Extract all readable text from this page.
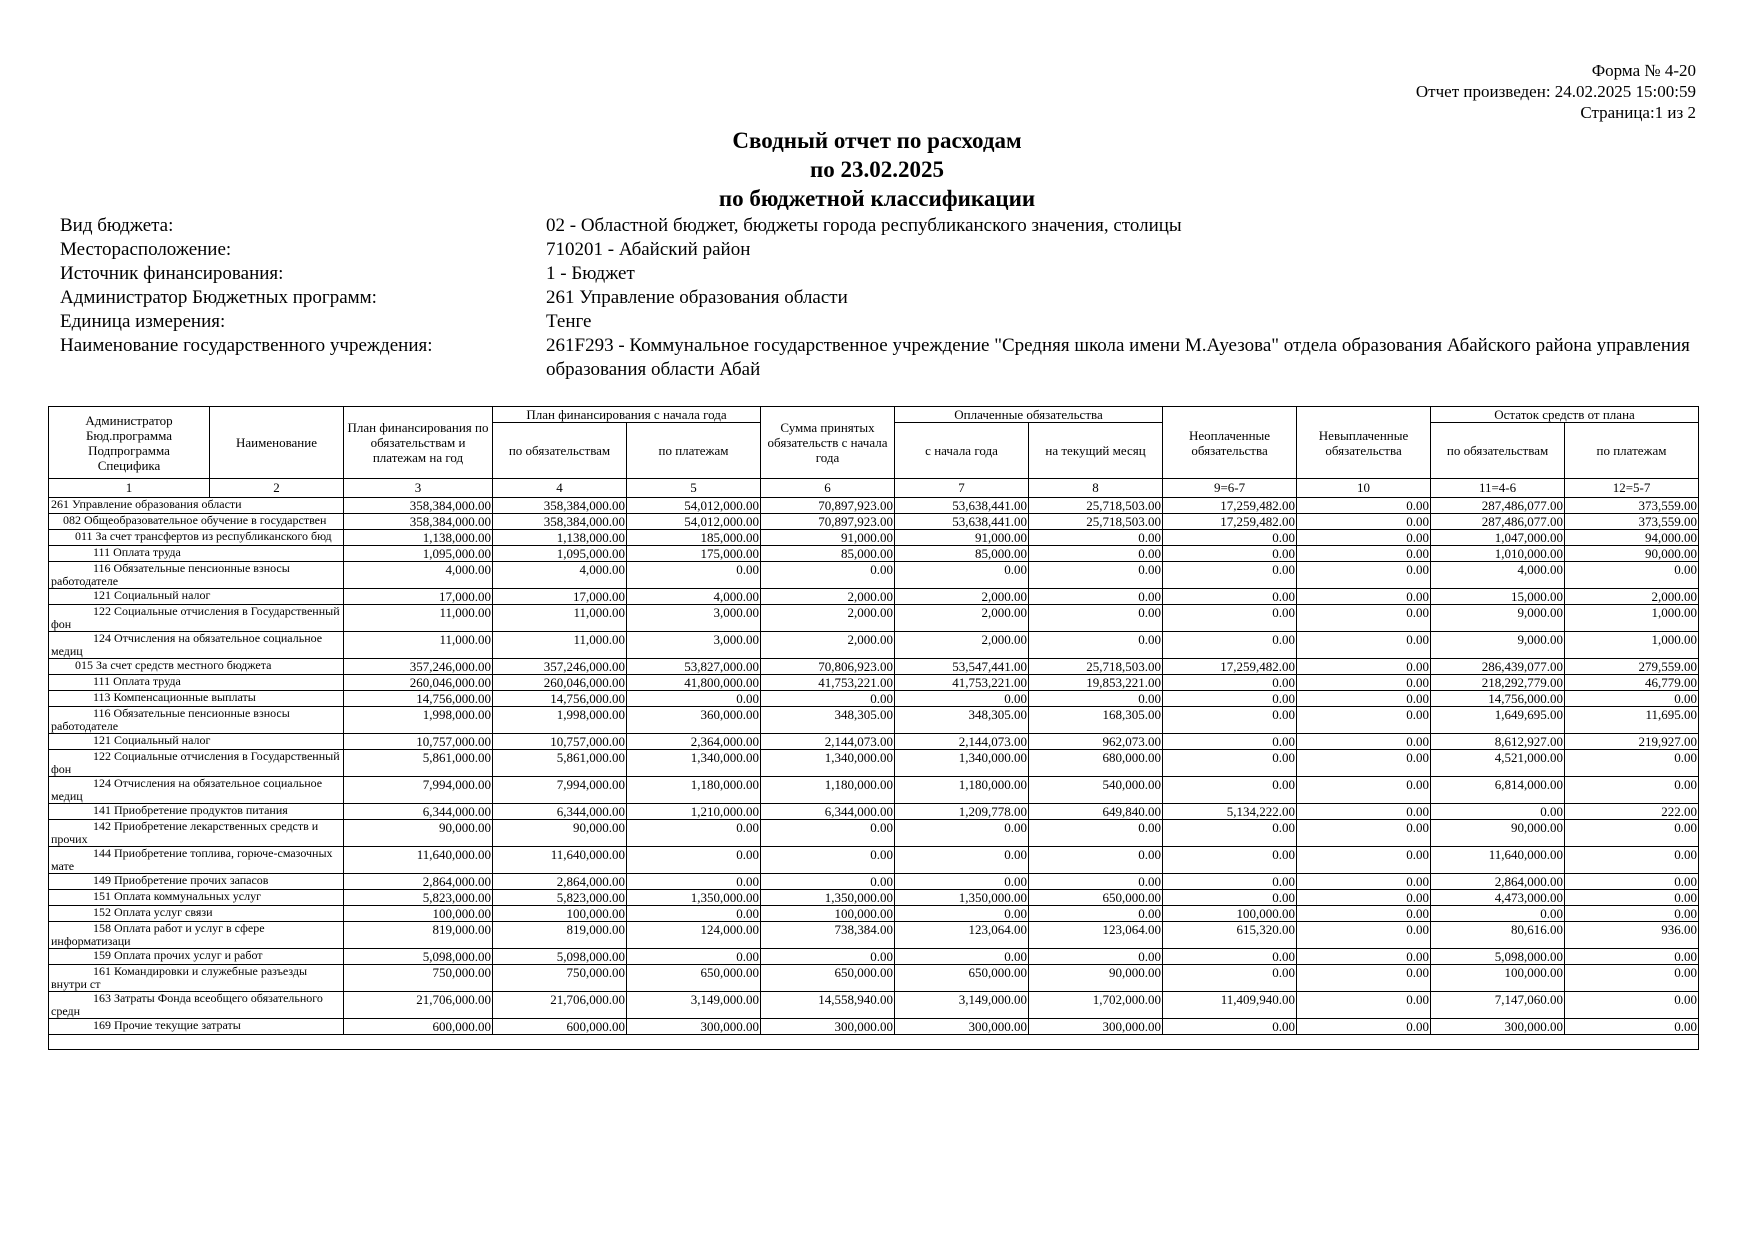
Форма № 4-20
Отчет произведен: 24.02.2025 15:00:59
Страница:1 из 2
Сводный отчет по расходам
по 23.02.2025
по бюджетной классификации
Вид бюджета:	02 - Областной бюджет, бюджеты города республиканского значения, столицы
Месторасположение:	710201 - Абайский район
Источник финансирования:	1 - Бюджет
Администратор Бюджетных программ:	261 Управление образования области
Единица измерения:	Тенге
Наименование государственного учреждения:	261F293 - Коммунальное государственное учреждение "Средняя школа имени М.Ауезова" отдела образования Абайского района управления образования области Абай
Администратор
Бюд.программа
Подпрограмма
Специфика	Наименование	План финансирования по обязательствам и платежам на год	План финансирования с начала года		Сумма принятых обязательств с начала года	Оплаченные обязательства		Неоплаченные обязательства	Невыплаченные обязательства	Остаток средств от плана	
			по обязательствам	по платежам		с начала года	на текущий месяц			по обязательствам	по платежам
1	2	3	4	5	6	7	8	9=6-7	10	11=4-6	12=5-7
261 Управление образования области		358,384,000.00	358,384,000.00	54,012,000.00	70,897,923.00	53,638,441.00	25,718,503.00	17,259,482.00	0.00	287,486,077.00	373,559.00
082 Общеобразовательное обучение в государствен		358,384,000.00	358,384,000.00	54,012,000.00	70,897,923.00	53,638,441.00	25,718,503.00	17,259,482.00	0.00	287,486,077.00	373,559.00
011 За счет трансфертов из республиканского бюд		1,138,000.00	1,138,000.00	185,000.00	91,000.00	91,000.00	0.00	0.00	0.00	1,047,000.00	94,000.00
111 Оплата труда		1,095,000.00	1,095,000.00	175,000.00	85,000.00	85,000.00	0.00	0.00	0.00	1,010,000.00	90,000.00
116 Обязательные пенсионные взносы работодателе		4,000.00	4,000.00	0.00	0.00	0.00	0.00	0.00	0.00	4,000.00	0.00
121 Социальный налог		17,000.00	17,000.00	4,000.00	2,000.00	2,000.00	0.00	0.00	0.00	15,000.00	2,000.00
122 Социальные отчисления в Государственный фон		11,000.00	11,000.00	3,000.00	2,000.00	2,000.00	0.00	0.00	0.00	9,000.00	1,000.00
124 Отчисления на обязательное социальное медиц		11,000.00	11,000.00	3,000.00	2,000.00	2,000.00	0.00	0.00	0.00	9,000.00	1,000.00
015 За счет средств местного бюджета		357,246,000.00	357,246,000.00	53,827,000.00	70,806,923.00	53,547,441.00	25,718,503.00	17,259,482.00	0.00	286,439,077.00	279,559.00
111 Оплата труда		260,046,000.00	260,046,000.00	41,800,000.00	41,753,221.00	41,753,221.00	19,853,221.00	0.00	0.00	218,292,779.00	46,779.00
113 Компенсационные выплаты		14,756,000.00	14,756,000.00	0.00	0.00	0.00	0.00	0.00	0.00	14,756,000.00	0.00
116 Обязательные пенсионные взносы работодателе		1,998,000.00	1,998,000.00	360,000.00	348,305.00	348,305.00	168,305.00	0.00	0.00	1,649,695.00	11,695.00
121 Социальный налог		10,757,000.00	10,757,000.00	2,364,000.00	2,144,073.00	2,144,073.00	962,073.00	0.00	0.00	8,612,927.00	219,927.00
122 Социальные отчисления в Государственный фон		5,861,000.00	5,861,000.00	1,340,000.00	1,340,000.00	1,340,000.00	680,000.00	0.00	0.00	4,521,000.00	0.00
124 Отчисления на обязательное социальное медиц		7,994,000.00	7,994,000.00	1,180,000.00	1,180,000.00	1,180,000.00	540,000.00	0.00	0.00	6,814,000.00	0.00
141 Приобретение продуктов питания		6,344,000.00	6,344,000.00	1,210,000.00	6,344,000.00	1,209,778.00	649,840.00	5,134,222.00	0.00	0.00	222.00
142 Приобретение лекарственных средств и прочих		90,000.00	90,000.00	0.00	0.00	0.00	0.00	0.00	0.00	90,000.00	0.00
144 Приобретение топлива, горюче-смазочных мате		11,640,000.00	11,640,000.00	0.00	0.00	0.00	0.00	0.00	0.00	11,640,000.00	0.00
149 Приобретение прочих запасов		2,864,000.00	2,864,000.00	0.00	0.00	0.00	0.00	0.00	0.00	2,864,000.00	0.00
151 Оплата коммунальных услуг		5,823,000.00	5,823,000.00	1,350,000.00	1,350,000.00	1,350,000.00	650,000.00	0.00	0.00	4,473,000.00	0.00
152 Оплата услуг связи		100,000.00	100,000.00	0.00	100,000.00	0.00	0.00	100,000.00	0.00	0.00	0.00
158 Оплата работ и услуг в сфере информатизаци		819,000.00	819,000.00	124,000.00	738,384.00	123,064.00	123,064.00	615,320.00	0.00	80,616.00	936.00
159 Оплата прочих услуг и работ		5,098,000.00	5,098,000.00	0.00	0.00	0.00	0.00	0.00	0.00	5,098,000.00	0.00
161 Командировки и служебные разъезды внутри ст		750,000.00	750,000.00	650,000.00	650,000.00	650,000.00	90,000.00	0.00	0.00	100,000.00	0.00
163 Затраты Фонда всеобщего обязательного средн		21,706,000.00	21,706,000.00	3,149,000.00	14,558,940.00	3,149,000.00	1,702,000.00	11,409,940.00	0.00	7,147,060.00	0.00
169 Прочие текущие затраты		600,000.00	600,000.00	300,000.00	300,000.00	300,000.00	300,000.00	0.00	0.00	300,000.00	0.00
